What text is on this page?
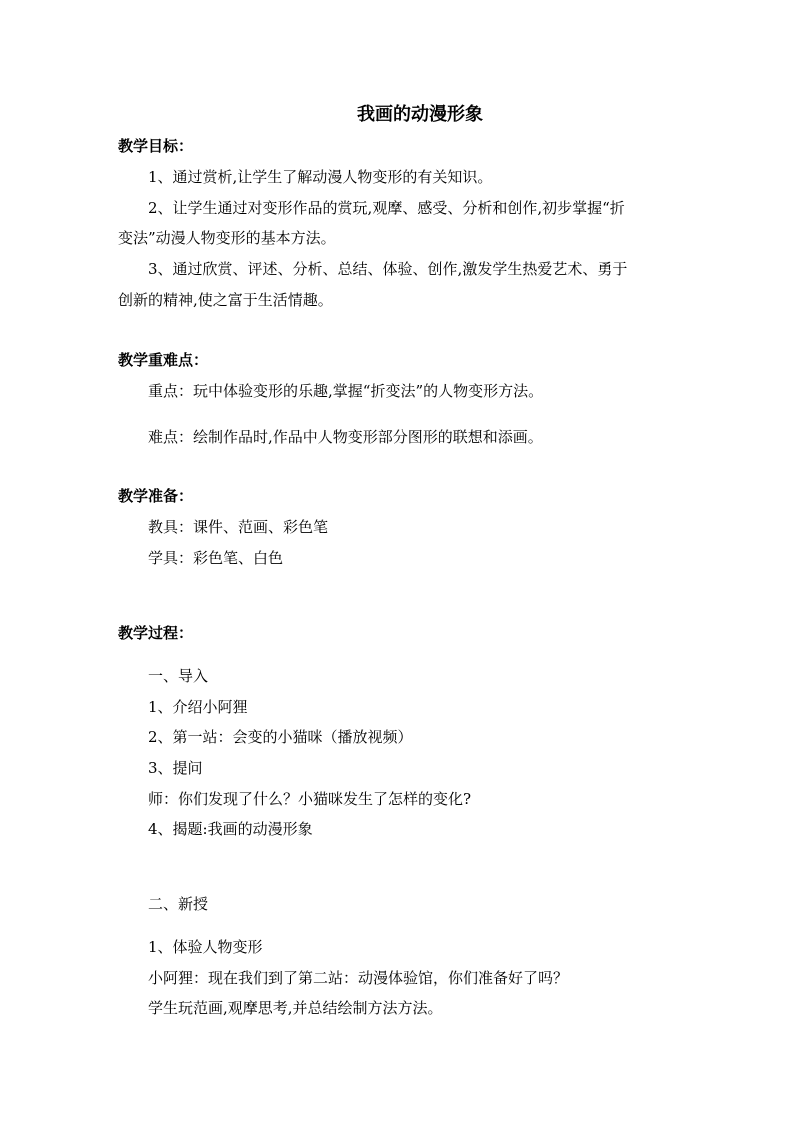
我画的动漫形象
教学目标：
1、通过赏析,让学生了解动漫人物变形的有关知识。
2、让学生通过对变形作品的赏玩,观摩、感受、分析和创作,初步掌握“折
变法”动漫人物变形的基本方法。
3、通过欣赏、评述、分析、总结、体验、创作,激发学生热爱艺术、勇于
创新的精神,使之富于生活情趣。
教学重难点：
重点：玩中体验变形的乐趣,掌握“折变法”的人物变形方法。
难点：绘制作品时,作品中人物变形部分图形的联想和添画。
教学准备：
教具：课件、范画、彩色笔
学具：彩色笔、白色
教学过程：
一、导入
1、介绍小阿狸
2、第一站：会变的小猫咪（播放视频）
3、提问
师：你们发现了什么？小猫咪发生了怎样的变化?
4、揭题:我画的动漫形象
二、新授
1、体验人物变形
小阿狸：现在我们到了第二站：动漫体验馆，你们准备好了吗？
学生玩范画,观摩思考,并总结绘制方法方法。
